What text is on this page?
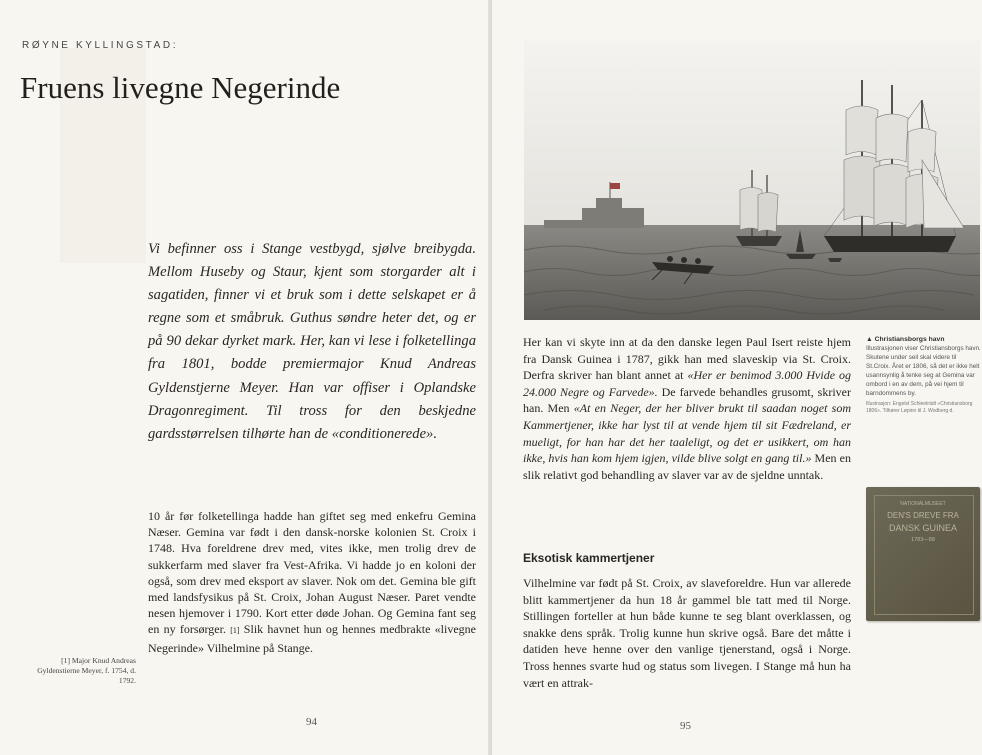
RØYNE KYLLINGSTAD:
Fruens livegne Negerinde
Vi befinner oss i Stange vestbygd, sjølve breibygda. Mellom Huseby og Staur, kjent som storgarder alt i sagatiden, finner vi et bruk som i dette selskapet er å regne som et småbruk. Guthus søndre heter det, og er på 90 dekar dyrket mark. Her, kan vi lese i folketellinga fra 1801, bodde premiermajor Knud Andreas Gyldenstjerne Meyer. Han var offiser i Oplandske Dragonregiment. Til tross for den beskjedne gardsstørrelsen tilhørte han de «conditionerede».
10 år før folketellinga hadde han giftet seg med enkefru Gemina Næser. Gemina var født i den dansk-norske kolonien St. Croix i 1748. Hva foreldrene drev med, vites ikke, men trolig drev de sukkerfarm med slaver fra Vest-Afrika. Vi hadde jo en koloni der også, som drev med eksport av slaver. Nok om det. Gemina ble gift med landsfysikus på St. Croix, Johan August Næser. Paret vendte nesen hjemover i 1790. Kort etter døde Johan. Og Gemina fant seg en ny forsørger. [1] Slik havnet hun og hennes medbrakte «livegne Negerinde» Vilhelmine på Stange.
[1] Major Knud Andreas Gyldenstierne Meyer, f. 1754, d. 1792.
94
Her kan vi skyte inn at da den danske legen Paul Isert reiste hjem fra Dansk Guinea i 1787, gikk han med slaveskip via St. Croix. Derfra skriver han blant annet at «Her er benimod 3.000 Hvide og 24.000 Negre og Farvede». De farvede behandles grusomt, skriver han. Men «At en Neger, der her bliver brukt til saadan noget som Kammertjener, ikke har lyst til at vende hjem til sit Fædreland, er mueligt, for han har det her taaleligt, og det er usikkert, om han ikke, hvis han kom hjem igjen, vilde blive solgt en gang til.» Men en slik relativt god behandling av slaver var av de sjeldne unntak.
Eksotisk kammertjener
Vilhelmine var født på St. Croix, av slaveforeldre. Hun var allerede blitt kammertjener da hun 18 år gammel ble tatt med til Norge. Stillingen forteller at hun både kunne te seg blant overklassen, og snakke dens språk. Trolig kunne hun skrive også. Bare det måtte i datiden heve henne over den vanlige tjenerstand, også i Norge. Tross hennes svarte hud og status som livegen. I Stange må hun ha vært en attrak-
▲ Christiansborgs havn
Illustrasjonen viser Christiansborgs havn. Skutene under seil skal videre til St.Croix. Året er 1806, så det er ikke helt usannsynlig å tenke seg at Gemina var ombord i en av dem, på vei hjem til barndommens by.
Illustrasjon: Engelst Schleeträdt «Christiansborg 1806». Tilhører Løpinn til J. Wodberg d.
NATIONALMUSEET
DEN'S DREVE FRA
DANSK GUINEA
1783—88
95
